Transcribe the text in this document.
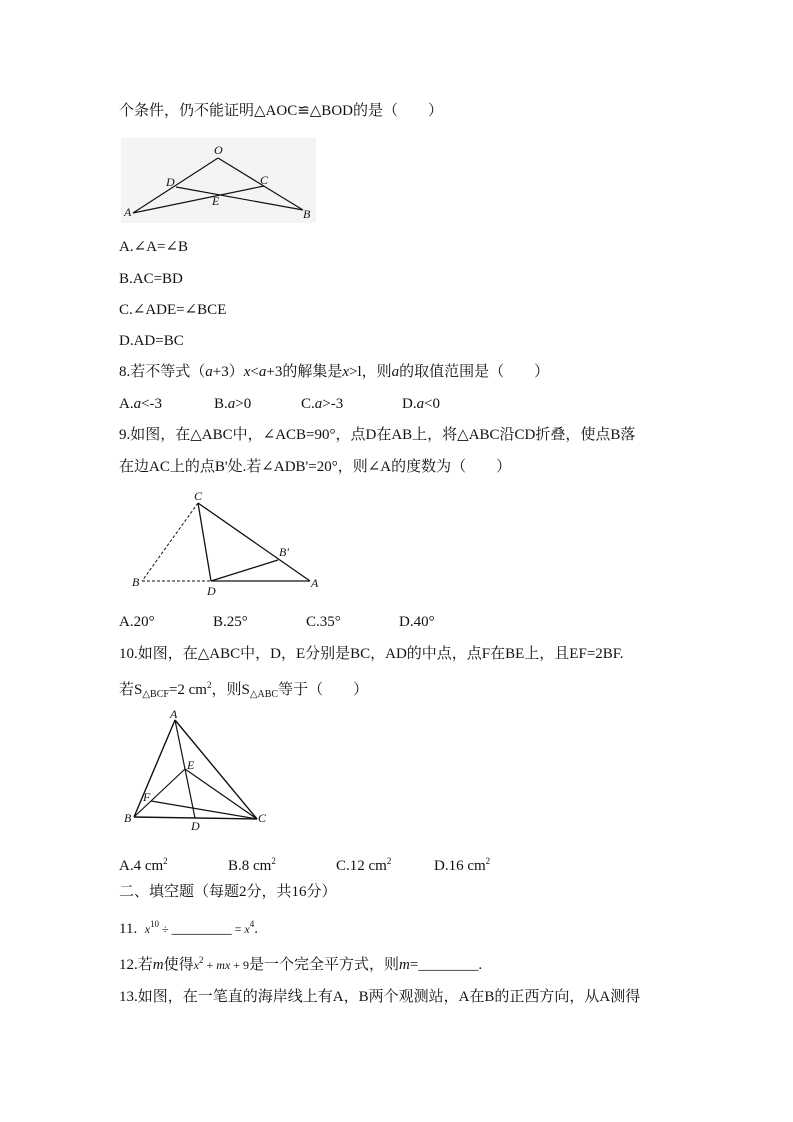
个条件，仍不能证明△AOC≌△BOD的是（　　）
O
D	C
E
A	B
A.∠A=∠B
B.AC=BD
C.∠ADE=∠BCE
D.AD=BC
8.若不等式（a+3）x<a+3的解集是x>l，则a的取值范围是（　　）
A.a<-3	B.a>0	C.a>-3	D.a<0
9.如图，在△ABC中，∠ACB=90°，点D在AB上，将△ABC沿CD折叠，使点B落
在边AC上的点B'处.若∠ADB'=20°，则∠A的度数为（　　）
C
B′
B
D
A
A.20°	B.25°	C.35°	D.40°
10.如图，在△ABC中，D，E分别是BC，AD的中点，点F在BE上，且EF=2BF.
若$S_{\triangle BCF}=2$ $cm^2$，则$S_{\triangle ABC}$等于（　　）
A
E
F
B
D
C
A.4 $cm^2$	B.8 $cm^2$	C.12 $cm^2$	D.16 $cm^2$
二、填空题（每题2分，共16分）
11. $x^{10}$ ÷ ________ = $x^4$.
12.若m使得$x^2$ + mx + 9是一个完全平方式，则m=________.
13.如图，在一笔直的海岸线上有A，B两个观测站，A在B的正西方向，从A测得
